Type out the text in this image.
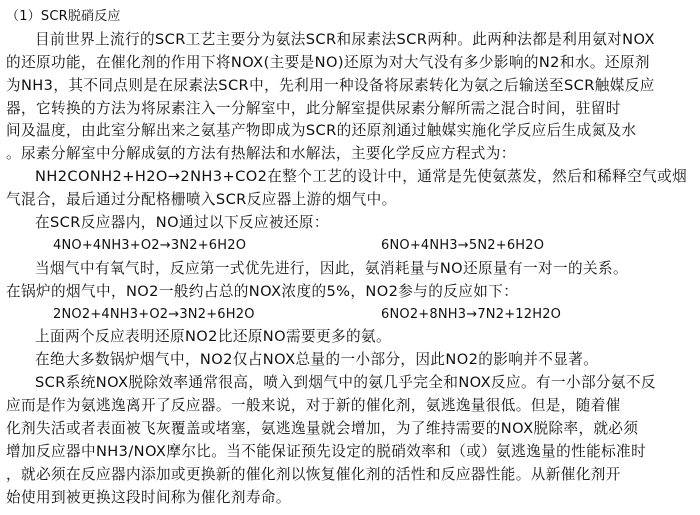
（1）SCR脱硝反应
目前世界上流行的SCR工艺主要分为氨法SCR和尿素法SCR两种。此两种法都是利用氨对NOX
的还原功能，在催化剂的作用下将NOX(主要是NO)还原为对大气没有多少影响的N2和水。还原剂
为NH3，其不同点则是在尿素法SCR中，先利用一种设备将尿素转化为氨之后输送至SCR触媒反应
器，它转换的方法为将尿素注入一分解室中，此分解室提供尿素分解所需之混合时间，驻留时
间及温度，由此室分解出来之氨基产物即成为SCR的还原剂通过触媒实施化学反应后生成氮及水
。尿素分解室中分解成氨的方法有热解法和水解法，主要化学反应方程式为：
NH2CONH2+H2O→2NH3+CO2在整个工艺的设计中，通常是先使氨蒸发，然后和稀释空气或烟
气混合，最后通过分配格栅喷入SCR反应器上游的烟气中。
在SCR反应器内，NO通过以下反应被还原：
4NO+4NH3+O2→3N2+6H2O	6NO+4NH3→5N2+6H2O
当烟气中有氧气时，反应第一式优先进行，因此，氨消耗量与NO还原量有一对一的关系。
在锅炉的烟气中，NO2一般约占总的NOX浓度的5%，NO2参与的反应如下：
2NO2+4NH3+O2→3N2+6H2O	6NO2+8NH3→7N2+12H2O
上面两个反应表明还原NO2比还原NO需要更多的氨。
在绝大多数锅炉烟气中，NO2仅占NOX总量的一小部分，因此NO2的影响并不显著。
SCR系统NOX脱除效率通常很高，喷入到烟气中的氨几乎完全和NOX反应。有一小部分氨不反
应而是作为氨逃逸离开了反应器。一般来说，对于新的催化剂，氨逃逸量很低。但是，随着催
化剂失活或者表面被飞灰覆盖或堵塞，氨逃逸量就会增加，为了维持需要的NOX脱除率，就必须
增加反应器中NH3/NOX摩尔比。当不能保证预先设定的脱硝效率和（或）氨逃逸量的性能标准时
，就必须在反应器内添加或更换新的催化剂以恢复催化剂的活性和反应器性能。从新催化剂开
始使用到被更换这段时间称为催化剂寿命。
